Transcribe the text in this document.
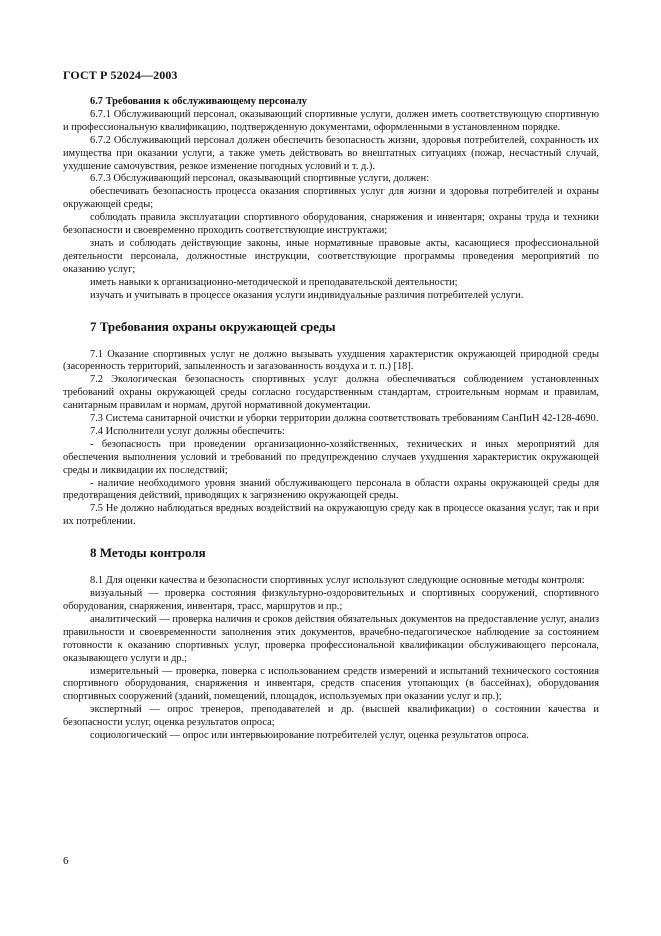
ГОСТ Р 52024—2003

6.7 Требования к обслуживающему персоналу

6.7.1 Обслуживающий персонал, оказывающий спортивные услуги, должен иметь соответствующую спортивную и профессиональную квалификацию, подтвержденную документами, оформленными в установленном порядке.

6.7.2 Обслуживающий персонал должен обеспечить безопасность жизни, здоровья потребителей, сохранность их имущества при оказании услуги, а также уметь действовать во внештатных ситуациях (пожар, несчастный случай, ухудшение самочувствия, резкое изменение погодных условий и т. д.).

6.7.3 Обслуживающий персонал, оказывающий спортивные услуги, должен:

обеспечивать безопасность процесса оказания спортивных услуг для жизни и здоровья потребителей и охраны окружающей среды;

соблюдать правила эксплуатации спортивного оборудования, снаряжения и инвентаря; охраны труда и техники безопасности и своевременно проходить соответствующие инструктажи;

знать и соблюдать действующие законы, иные нормативные правовые акты, касающиеся профессиональной деятельности персонала, должностные инструкции, соответствующие программы проведения мероприятий по оказанию услуг;

иметь навыки к организационно-методической и преподавательской деятельности;

изучать и учитывать в процессе оказания услуги индивидуальные различия потребителей услуги.

7 Требования охраны окружающей среды

7.1 Оказание спортивных услуг не должно вызывать ухудшения характеристик окружающей природной среды (засоренность территорий, запыленность и загазованность воздуха и т. п.) [18].

7.2 Экологическая безопасность спортивных услуг должна обеспечиваться соблюдением установленных требований охраны окружающей среды согласно государственным стандартам, строительным нормам и правилам, санитарным правилам и нормам, другой нормативной документации.

7.3 Система санитарной очистки и уборки территории должна соответствовать требованиям СанПиН 42-128-4690.

7.4 Исполнители услуг должны обеспечить:

- безопасность при проведении организационно-хозяйственных, технических и иных мероприятий для обеспечения выполнения условий и требований по предупреждению случаев ухудшения характеристик окружающей среды и ликвидации их последствий;

- наличие необходимого уровня знаний обслуживающего персонала в области охраны окружающей среды для предотвращения действий, приводящих к загрязнению окружающей среды.

7.5 Не должно наблюдаться вредных воздействий на окружающую среду как в процессе оказания услуг, так и при их потреблении.

8 Методы контроля

8.1 Для оценки качества и безопасности спортивных услуг используют следующие основные методы контроля:

визуальный — проверка состояния физкультурно-оздоровительных и спортивных сооружений, спортивного оборудования, снаряжения, инвентаря, трасс, маршрутов и пр.;

аналитический — проверка наличия и сроков действия обязательных документов на предоставление услуг, анализ правильности и своевременности заполнения этих документов, врачебно-педагогическое наблюдение за состоянием готовности к оказанию спортивных услуг, проверка профессиональной квалификации обслуживающего персонала, оказывающего услуги и др.;

измерительный — проверка, поверка с использованием средств измерений и испытаний технического состояния спортивного оборудования, снаряжения и инвентаря, средств спасения утопающих (в бассейнах), оборудования спортивных сооружений (зданий, помещений, площадок, используемых при оказании услуг и пр.);

экспертный — опрос тренеров, преподавателей и др. (высшей квалификации) о состоянии качества и безопасности услуг, оценка результатов опроса;

социологический — опрос или интервьюирование потребителей услуг, оценка результатов опроса.

6
